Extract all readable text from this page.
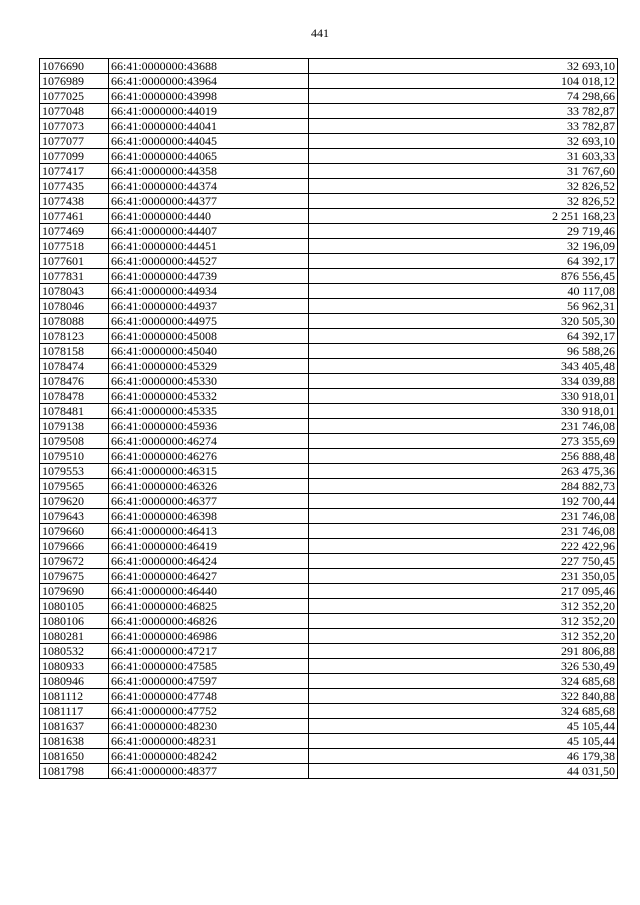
441
1076690	66:41:0000000:43688	32 693,10
1076989	66:41:0000000:43964	104 018,12
1077025	66:41:0000000:43998	74 298,66
1077048	66:41:0000000:44019	33 782,87
1077073	66:41:0000000:44041	33 782,87
1077077	66:41:0000000:44045	32 693,10
1077099	66:41:0000000:44065	31 603,33
1077417	66:41:0000000:44358	31 767,60
1077435	66:41:0000000:44374	32 826,52
1077438	66:41:0000000:44377	32 826,52
1077461	66:41:0000000:4440	2 251 168,23
1077469	66:41:0000000:44407	29 719,46
1077518	66:41:0000000:44451	32 196,09
1077601	66:41:0000000:44527	64 392,17
1077831	66:41:0000000:44739	876 556,45
1078043	66:41:0000000:44934	40 117,08
1078046	66:41:0000000:44937	56 962,31
1078088	66:41:0000000:44975	320 505,30
1078123	66:41:0000000:45008	64 392,17
1078158	66:41:0000000:45040	96 588,26
1078474	66:41:0000000:45329	343 405,48
1078476	66:41:0000000:45330	334 039,88
1078478	66:41:0000000:45332	330 918,01
1078481	66:41:0000000:45335	330 918,01
1079138	66:41:0000000:45936	231 746,08
1079508	66:41:0000000:46274	273 355,69
1079510	66:41:0000000:46276	256 888,48
1079553	66:41:0000000:46315	263 475,36
1079565	66:41:0000000:46326	284 882,73
1079620	66:41:0000000:46377	192 700,44
1079643	66:41:0000000:46398	231 746,08
1079660	66:41:0000000:46413	231 746,08
1079666	66:41:0000000:46419	222 422,96
1079672	66:41:0000000:46424	227 750,45
1079675	66:41:0000000:46427	231 350,05
1079690	66:41:0000000:46440	217 095,46
1080105	66:41:0000000:46825	312 352,20
1080106	66:41:0000000:46826	312 352,20
1080281	66:41:0000000:46986	312 352,20
1080532	66:41:0000000:47217	291 806,88
1080933	66:41:0000000:47585	326 530,49
1080946	66:41:0000000:47597	324 685,68
1081112	66:41:0000000:47748	322 840,88
1081117	66:41:0000000:47752	324 685,68
1081637	66:41:0000000:48230	45 105,44
1081638	66:41:0000000:48231	45 105,44
1081650	66:41:0000000:48242	46 179,38
1081798	66:41:0000000:48377	44 031,50
